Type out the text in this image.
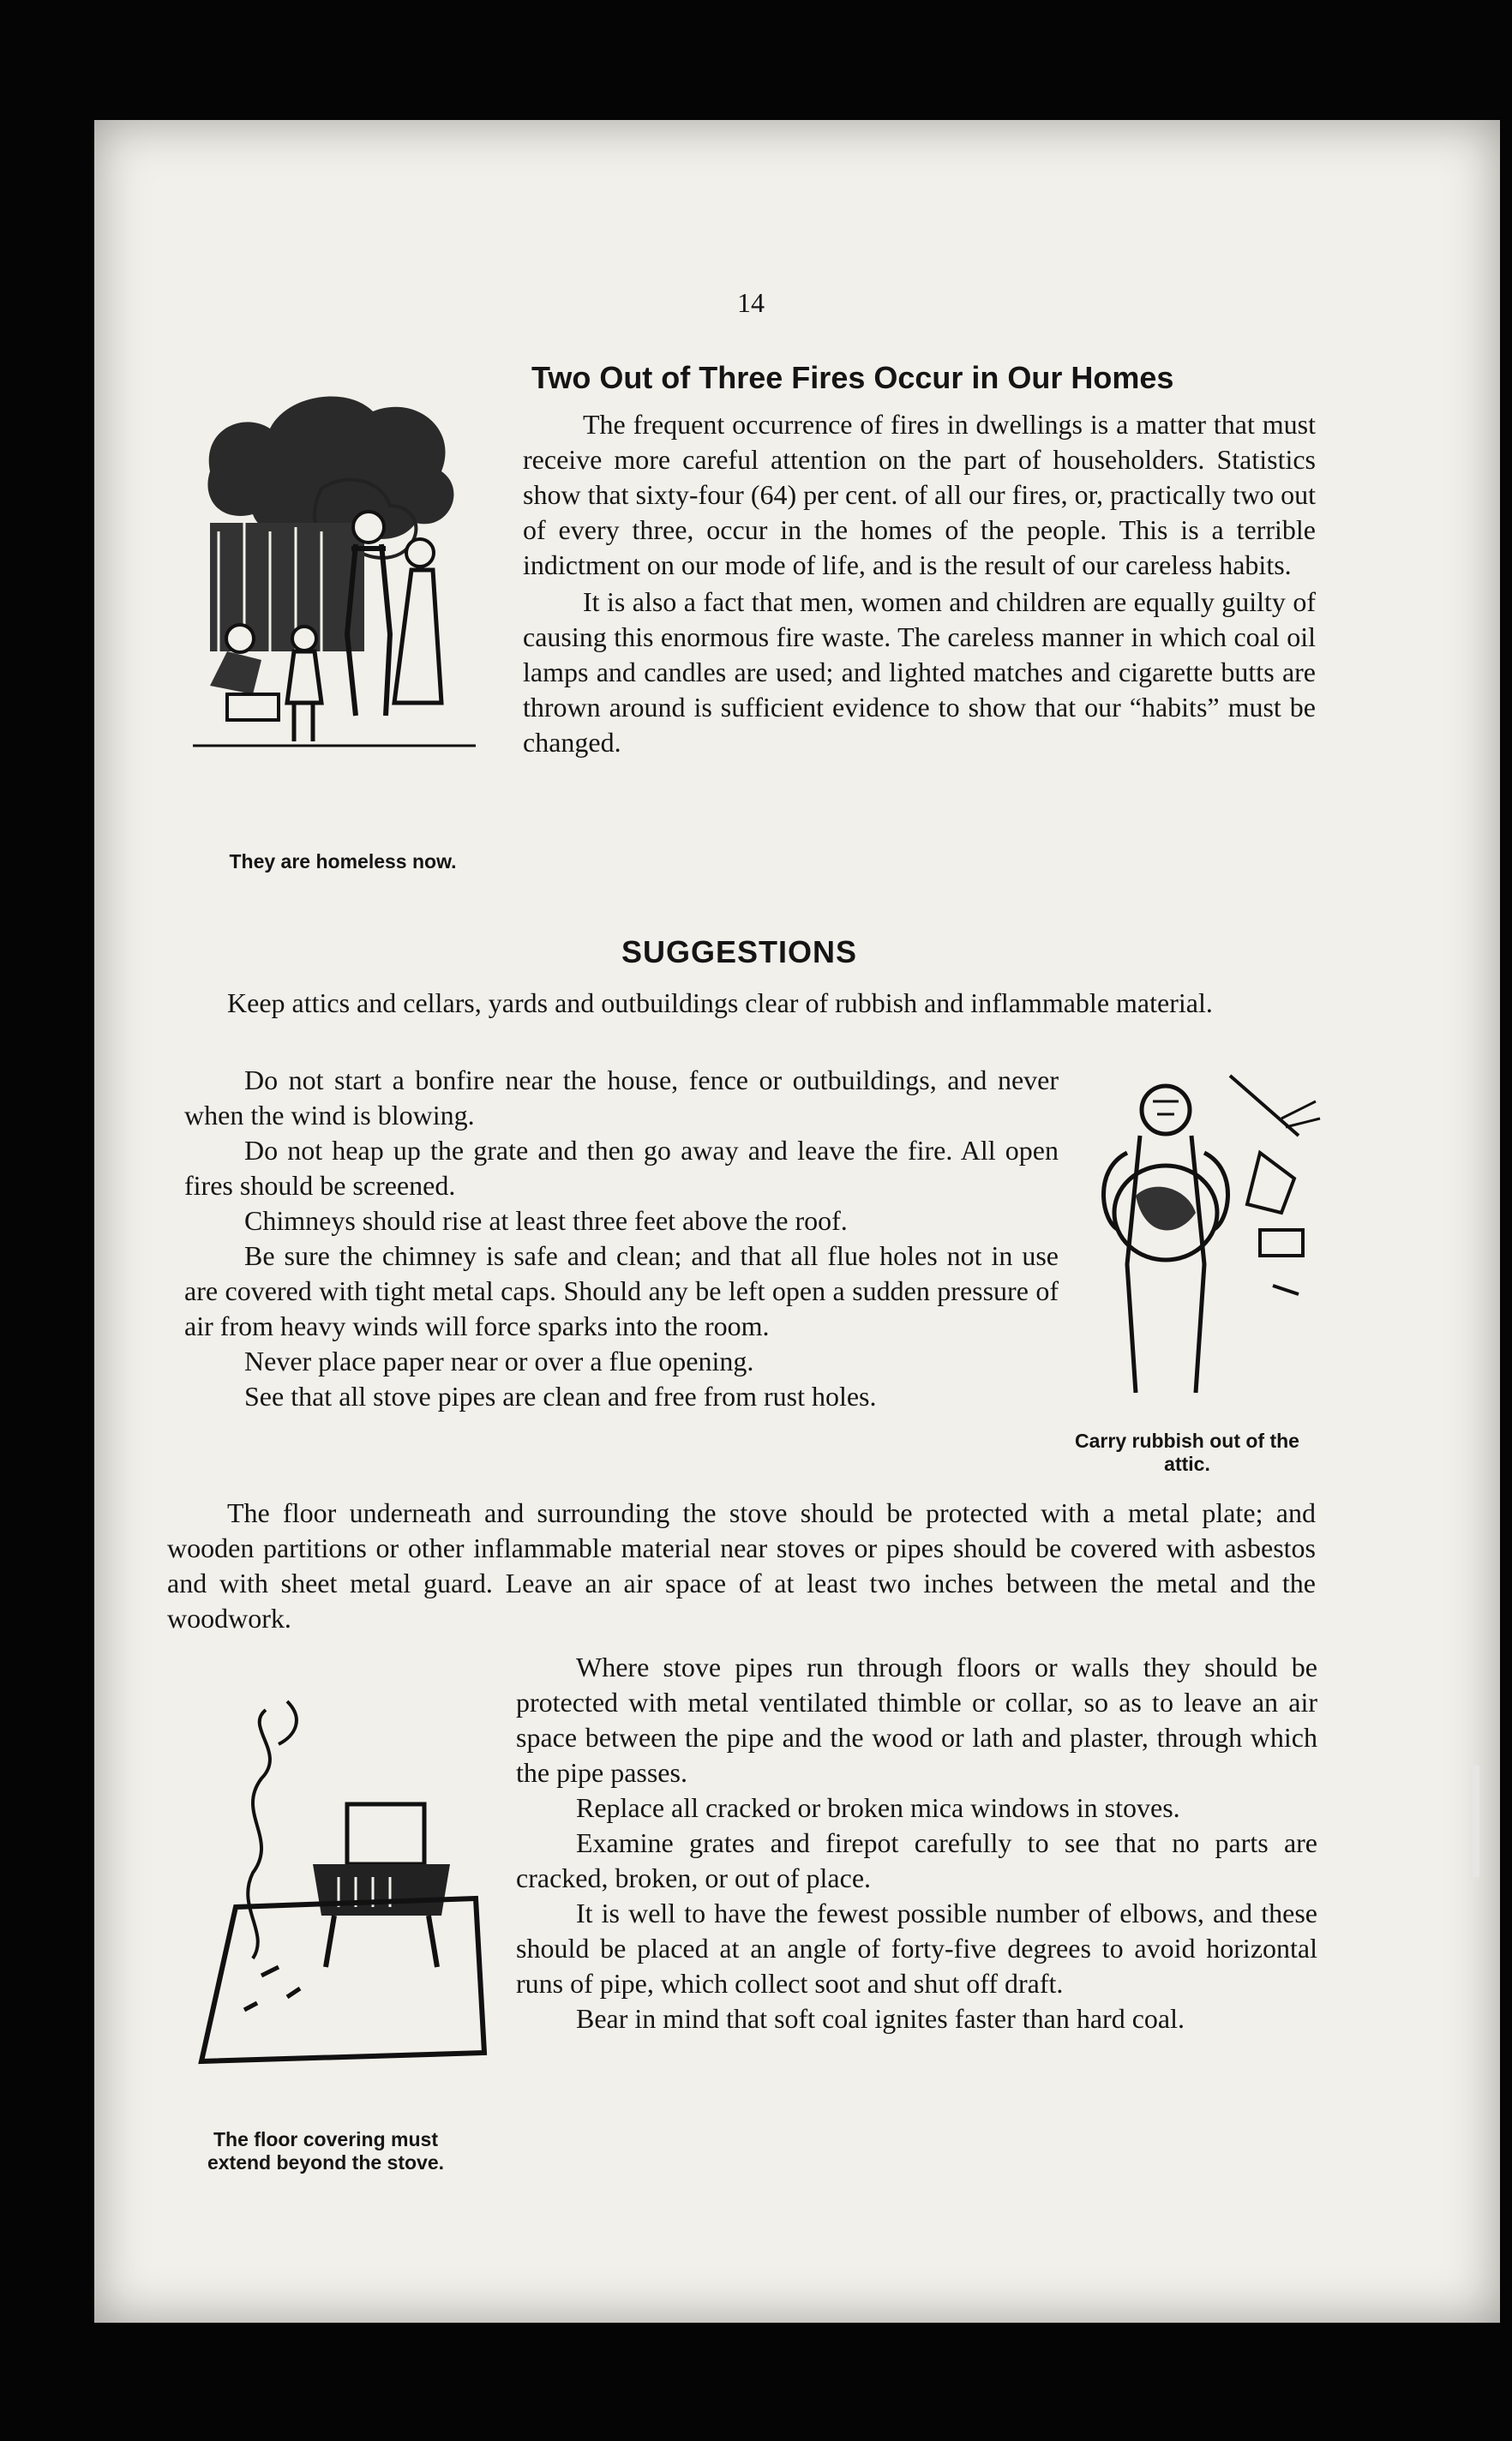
14
Two Out of Three Fires Occur in Our Homes
They are homeless now.

The frequent occurrence of fires in dwellings is a matter that must receive more careful attention on the part of householders. Statistics show that sixty-four (64) per cent. of all our fires, or, practically two out of every three, occur in the homes of the people. This is a terrible indictment on our mode of life, and is the result of our careless habits.

It is also a fact that men, women and children are equally guilty of causing this enormous fire waste. The careless manner in which coal oil lamps and candles are used; and lighted matches and cigarette butts are thrown around is sufficient evidence to show that our “habits” must be changed.

SUGGESTIONS

Keep attics and cellars, yards and outbuildings clear of rubbish and inflammable material.

Do not start a bonfire near the house, fence or outbuildings, and never when the wind is blowing.

Do not heap up the grate and then go away and leave the fire. All open fires should be screened.

Chimneys should rise at least three feet above the roof.

Be sure the chimney is safe and clean; and that all flue holes not in use are covered with tight metal caps. Should any be left open a sudden pressure of air from heavy winds will force sparks into the room.

Never place paper near or over a flue opening.

See that all stove pipes are clean and free from rust holes.

Carry rubbish out of the attic.

The floor underneath and surrounding the stove should be protected with a metal plate; and wooden partitions or other inflammable material near stoves or pipes should be covered with asbestos and with sheet metal guard. Leave an air space of at least two inches between the metal and the woodwork.

The floor covering must extend beyond the stove.

Where stove pipes run through floors or walls they should be protected with metal ventilated thimble or collar, so as to leave an air space between the pipe and the wood or lath and plaster, through which the pipe passes.

Replace all cracked or broken mica windows in stoves.

Examine grates and firepot carefully to see that no parts are cracked, broken, or out of place.

It is well to have the fewest possible number of elbows, and these should be placed at an angle of forty-five degrees to avoid horizontal runs of pipe, which collect soot and shut off draft.

Bear in mind that soft coal ignites faster than hard coal.
